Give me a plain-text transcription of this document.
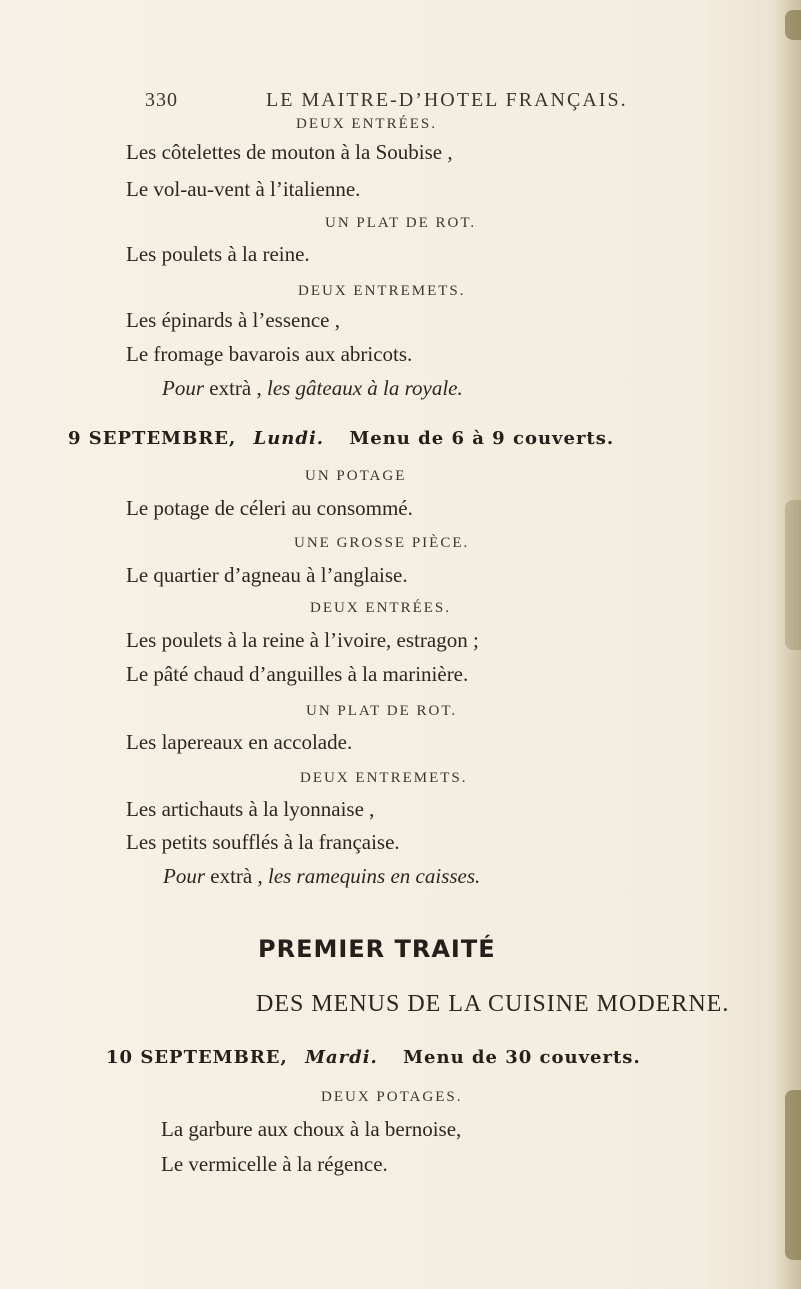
330	LE MAITRE-D’HOTEL FRANÇAIS.
DEUX ENTRÉES.
Les côtelettes de mouton à la Soubise ,
Le vol-au-vent à l’italienne.
UN PLAT DE ROT.
Les poulets à la reine.
DEUX ENTREMETS.
Les épinards à l’essence ,
Le fromage bavarois aux abricots.
Pour extrà , les gâteaux à la royale.
9 SEPTEMBRE, Lundi. Menu de 6 à 9 couverts.
UN POTAGE
Le potage de céleri au consommé.
UNE GROSSE PIÈCE.
Le quartier d’agneau à l’anglaise.
DEUX ENTRÉES.
Les poulets à la reine à l’ivoire, estragon ;
Le pâté chaud d’anguilles à la marinière.
UN PLAT DE ROT.
Les lapereaux en accolade.
DEUX ENTREMETS.
Les artichauts à la lyonnaise ,
Les petits soufflés à la française.
Pour extrà , les ramequins en caisses.
PREMIER TRAITÉ
DES MENUS DE LA CUISINE MODERNE.
10 SEPTEMBRE, Mardi. Menu de 30 couverts.
DEUX POTAGES.
La garbure aux choux à la bernoise,
Le vermicelle à la régence.
